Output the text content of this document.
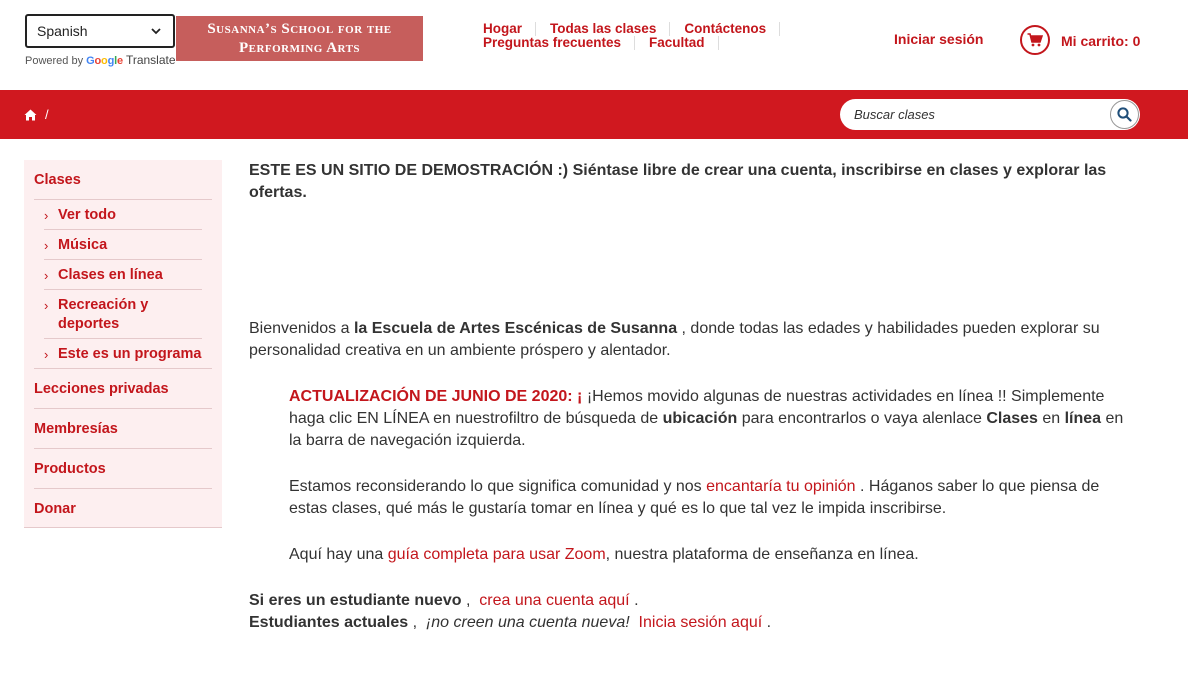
Spanish
Powered by Google Translate
Susanna’s School for the
Performing Arts
Hogar	Todas las clases	Contáctenos
Preguntas frecuentes	Facultad	Iniciar sesión	Mi carrito: 0
/
Buscar clases
Clases
› Ver todo
› Música
› Clases en línea
› Recreación y deportes
› Este es un programa
Lecciones privadas
Membresías
Productos
Donar

ESTE ES UN SITIO DE DEMOSTRACIÓN :) Siéntase libre de crear una cuenta, inscribirse en clases y explorar las ofertas.

Bienvenidos a la Escuela de Artes Escénicas de Susanna , donde todas las edades y habilidades pueden explorar su personalidad creativa en un ambiente próspero y alentador.

ACTUALIZACIÓN DE JUNIO DE 2020: ¡ ¡Hemos movido algunas de nuestras actividades en línea !! Simplemente haga clic EN LÍNEA en nuestrofiltro de búsqueda de ubicación para encontrarlos o vaya alenlace Clases en línea en la barra de navegación izquierda.

Estamos reconsiderando lo que significa comunidad y nos encantaría tu opinión . Háganos saber lo que piensa de estas clases, qué más le gustaría tomar en línea y qué es lo que tal vez le impida inscribirse.

Aquí hay una guía completa para usar Zoom, nuestra plataforma de enseñanza en línea.

Si eres un estudiante nuevo ,  crea una cuenta aquí .

Estudiantes actuales ,  ¡no creen una cuenta nueva! Inicia sesión aquí .
